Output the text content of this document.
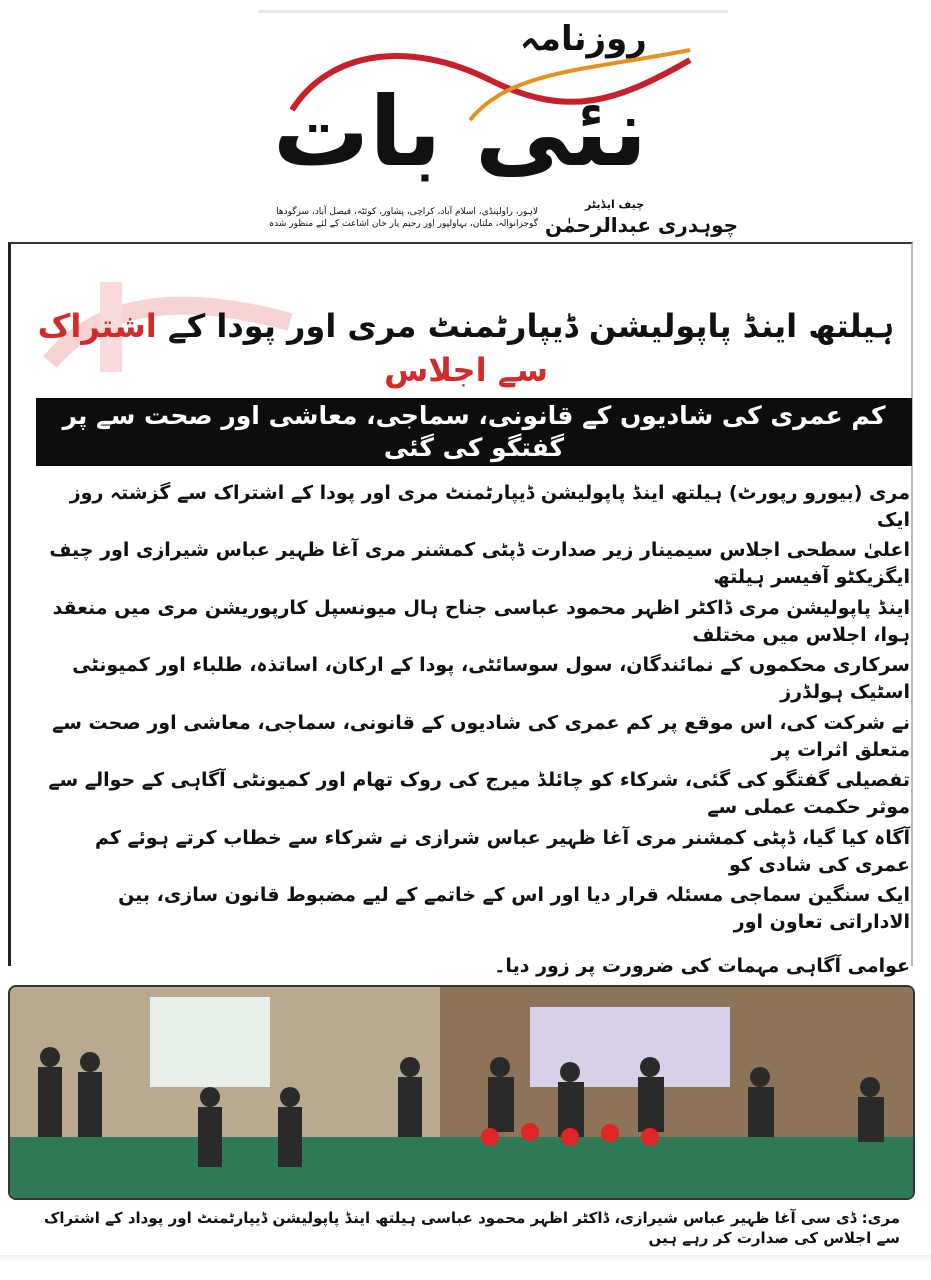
روزنامہ
نئی بات
لاہور، راولپنڈی، اسلام آباد، کراچی، پشاور، کوئٹہ، فیصل آباد، سرگودھا
گوجرانوالہ، ملتان، بہاولپور اور رحیم یار خان اشاعت کے لئے منظور شدہ
چیف ایڈیٹر
چوہدری عبدالرحمٰن
ہیلتھ اینڈ پاپولیشن ڈیپارٹمنٹ مری اور پودا کے اشتراک سے اجلاس
کم عمری کی شادیوں کے قانونی، سماجی، معاشی اور صحت سے پر گفتگو کی گئی

مری (بیورو رپورٹ) ہیلتھ اینڈ پاپولیشن ڈیپارٹمنٹ مری اور پودا کے اشتراک سے گزشتہ روز ایک

اعلیٰ سطحی اجلاس سیمینار زیر صدارت ڈپٹی کمشنر مری آغا ظہیر عباس شیرازی اور چیف ایگزیکٹو آفیسر ہیلتھ

اینڈ پاپولیشن مری ڈاکٹر اظہر محمود عباسی جناح ہال میونسپل کارپوریشن مری میں منعقد ہوا، اجلاس میں مختلف

سرکاری محکموں کے نمائندگان، سول سوسائٹی، پودا کے ارکان، اساتذہ، طلباء اور کمیونٹی اسٹیک ہولڈرز

نے شرکت کی، اس موقع پر کم عمری کی شادیوں کے قانونی، سماجی، معاشی اور صحت سے متعلق اثرات پر

تفصیلی گفتگو کی گئی، شرکاء کو چائلڈ میرج کی روک تھام اور کمیونٹی آگاہی کے حوالے سے موثر حکمت عملی سے

آگاہ کیا گیا، ڈپٹی کمشنر مری آغا ظہیر عباس شرازی نے شرکاء سے خطاب کرتے ہوئے کم عمری کی شادی کو

ایک سنگین سماجی مسئلہ قرار دیا اور اس کے خاتمے کے لیے مضبوط قانون سازی، بین الاداراتی تعاون اور

عوامی آگاہی مہمات کی ضرورت پر زور دیا۔

مری: ڈی سی آغا ظہیر عباس شیرازی، ڈاکٹر اظہر محمود عباسی ہیلتھ اینڈ پاپولیشن ڈیپارٹمنٹ اور پوداد کے اشتراک سے اجلاس کی صدارت کر رہے ہیں
